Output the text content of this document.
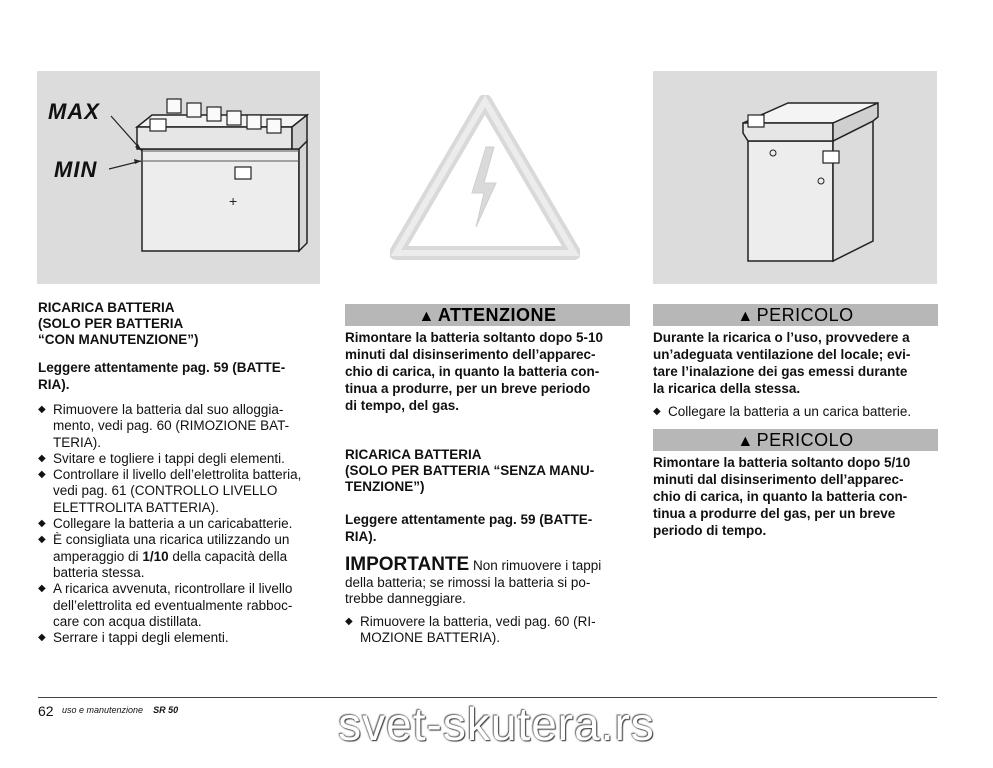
+
MAX
MIN

RICARICA BATTERIA
(SOLO PER BATTERIA
“CON MANUTENZIONE”)

Leggere attentamente pag. 59 (BATTE-
RIA).

◆ Rimuovere la batteria dal suo alloggia-
mento, vedi pag. 60 (RIMOZIONE BAT-
TERIA).
◆ Svitare e togliere i tappi degli elementi.
◆ Controllare il livello dell’elettrolita batteria,
vedi pag. 61 (CONTROLLO LIVELLO
ELETTROLITA BATTERIA).
◆ Collegare la batteria a un caricabatterie.
◆ È consigliata una ricarica utilizzando un
amperaggio di 1/10 della capacità della
batteria stessa.
◆ A ricarica avvenuta, ricontrollare il livello
dell’elettrolita ed eventualmente rabboc-
care con acqua distillata.
◆ Serrare i tappi degli elementi.
▲ ATTENZIONE

Rimontare la batteria soltanto dopo 5-10
minuti dal disinserimento dell’apparec-
chio di carica, in quanto la batteria con-
tinua a produrre, per un breve periodo
di tempo, del gas.

RICARICA BATTERIA
(SOLO PER BATTERIA “SENZA MANU-
TENZIONE”)

Leggere attentamente pag. 59 (BATTE-
RIA).

IMPORTANTE Non rimuovere i tappi
della batteria; se rimossi la batteria si po-
trebbe danneggiare.

◆ Rimuovere la batteria, vedi pag. 60 (RI-
MOZIONE BATTERIA).
▲ PERICOLO

Durante la ricarica o l’uso, provvedere a
un’adeguata ventilazione del locale; evi-
tare l’inalazione dei gas emessi durante
la ricarica della stessa.

◆ Collegare la batteria a un carica batterie.
▲ PERICOLO

Rimontare la batteria soltanto dopo 5/10
minuti dal disinserimento dell’apparec-
chio di carica, in quanto la batteria con-
tinua a produrre del gas, per un breve
periodo di tempo.

62 uso e manutenzione SR 50	svet-skutera.rs
